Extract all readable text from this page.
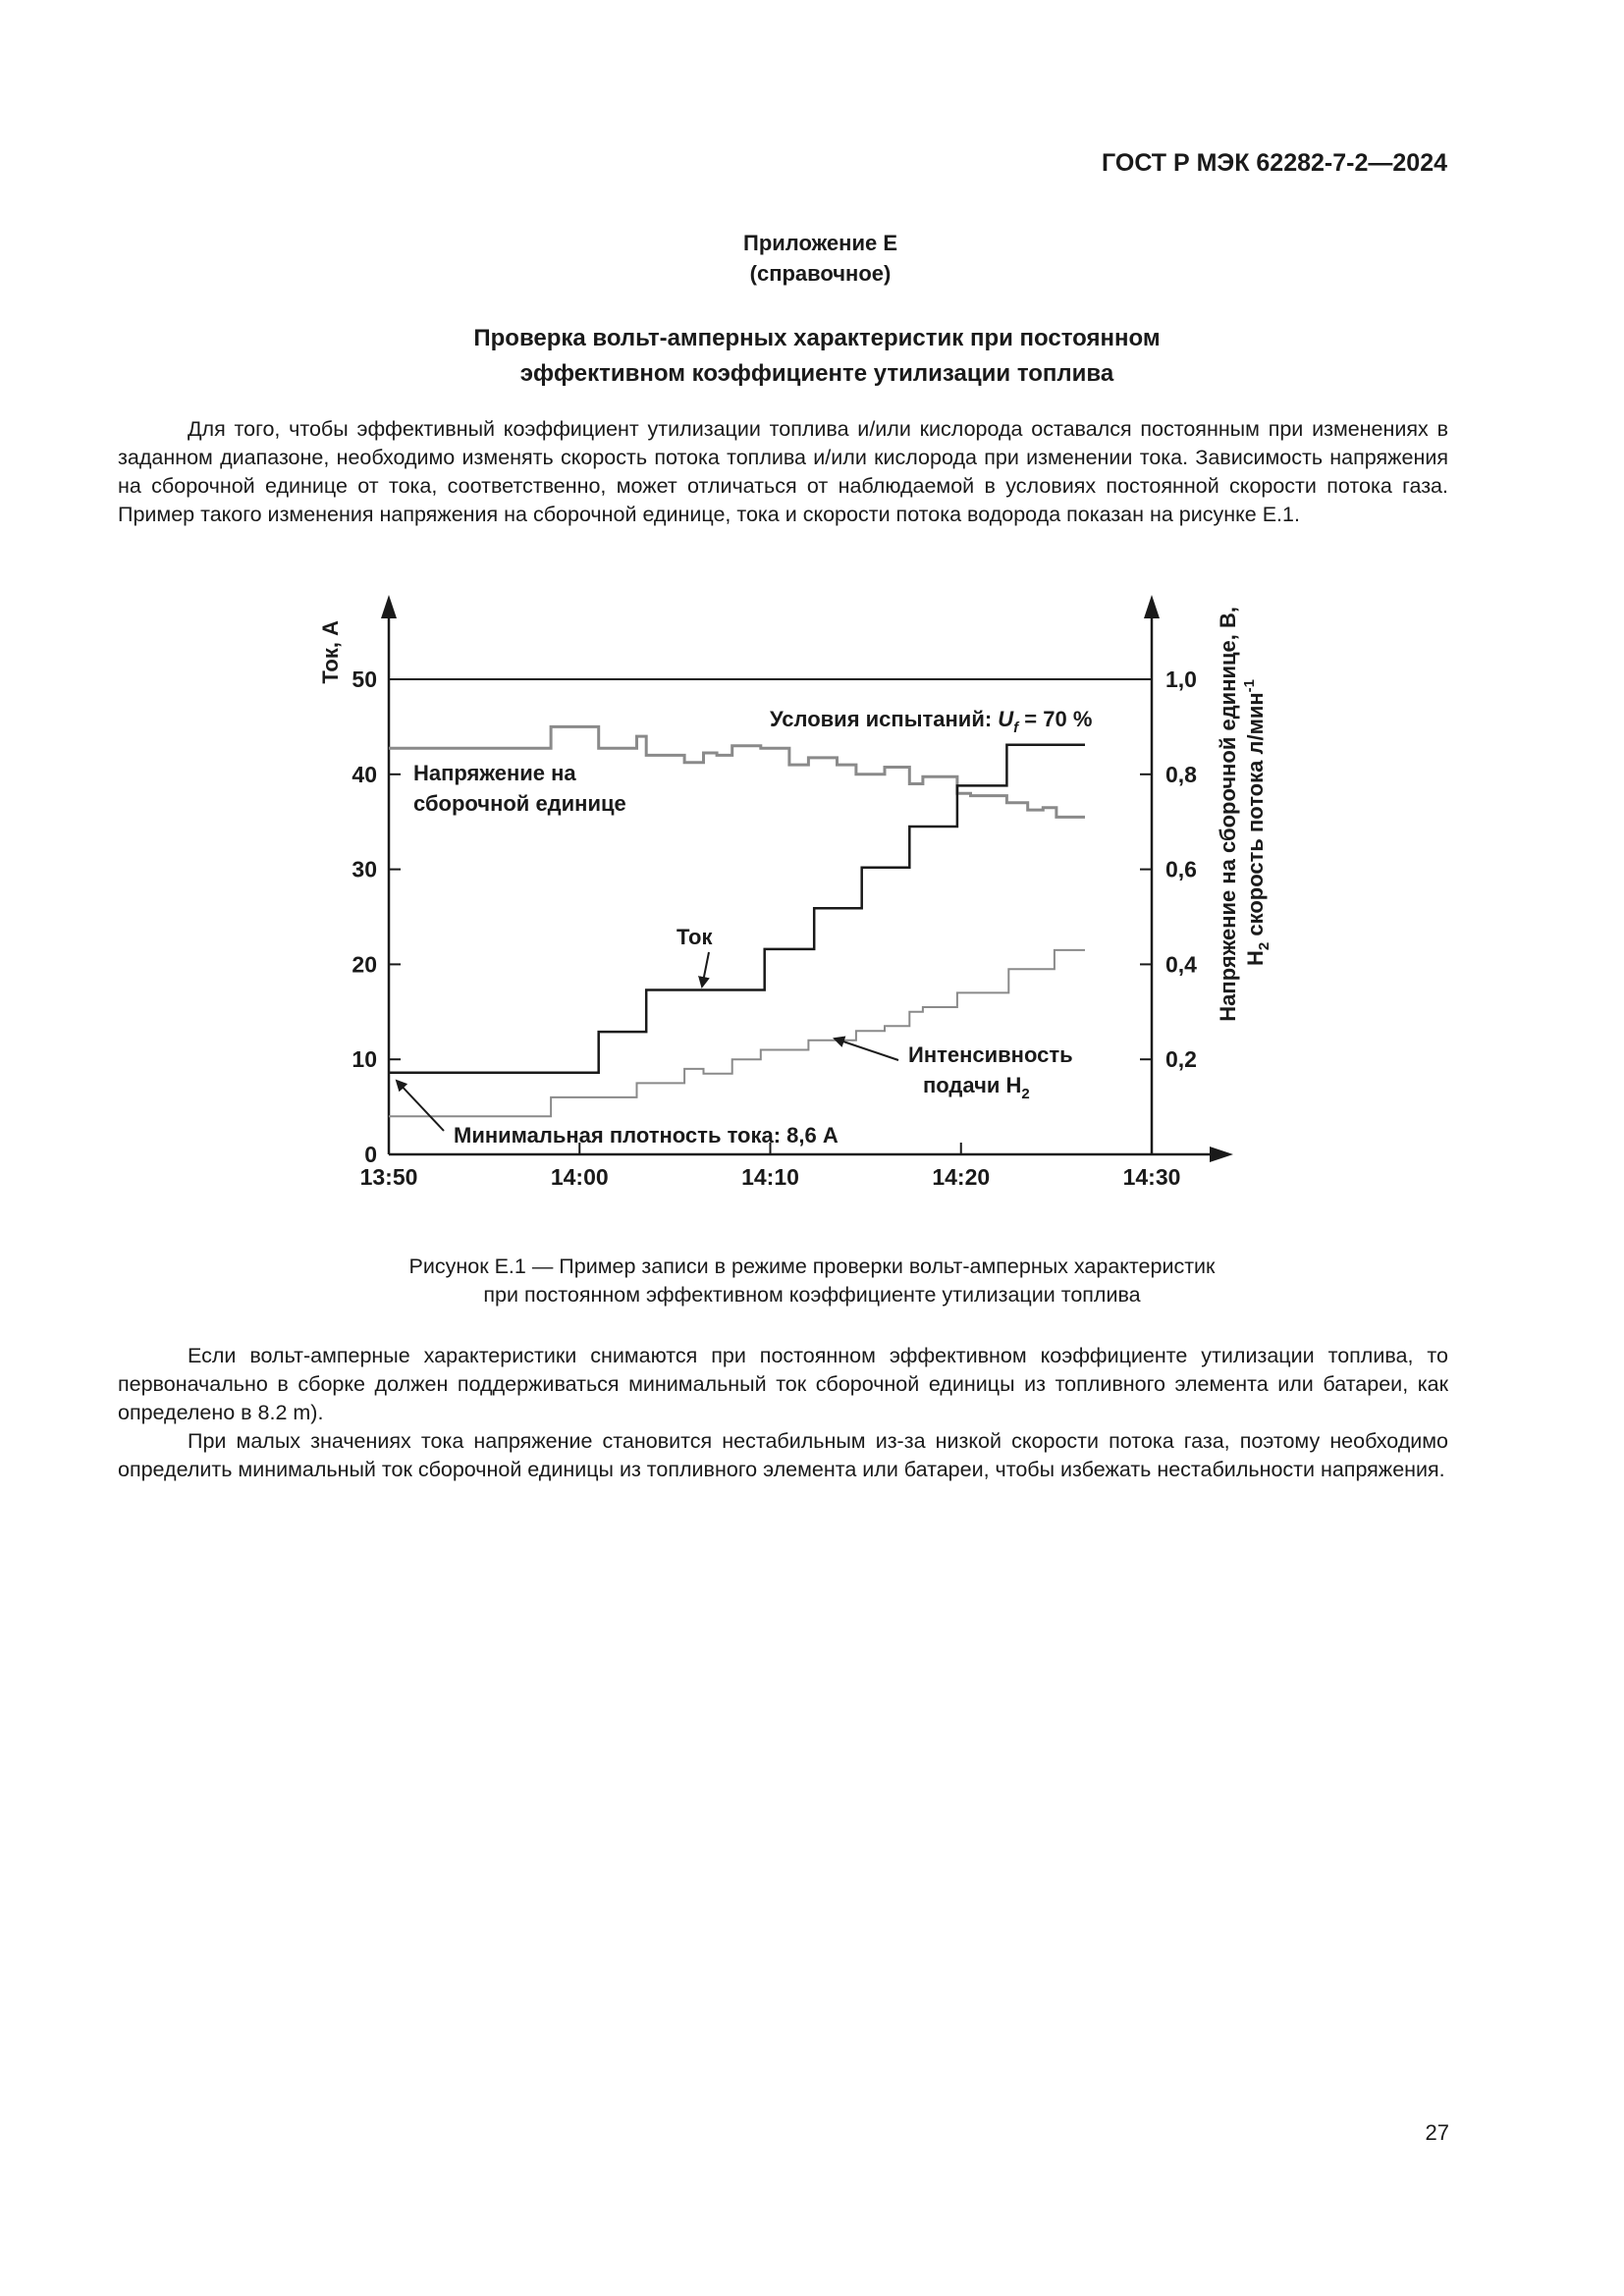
ГОСТ Р МЭК 62282-7-2—2024
Приложение Е
(справочное)
Проверка вольт-амперных характеристик при постоянном
эффективном коэффициенте утилизации топлива

Для того, чтобы эффективный коэффициент утилизации топлива и/или кислорода оставался постоянным при изменениях в заданном диапазоне, необходимо изменять скорость потока топлива и/или кислорода при изменении тока. Зависимость напряжения на сборочной единице от тока, соответственно, может отличаться от наблюдаемой в условиях постоянной скорости потока газа. Пример такого изменения напряжения на сборочной единице, тока и скорости потока водорода показан на рисунке Е.1.

13:50	14:00	14:10	14:20	14:30
0
10
20
30
40
50
0,2
0,4
0,6
0,8
1,0
Ток, А	Напряжение на сборочной единице, В, $H_2$ скорость потока л/мин$^{-1}$
Условия испытаний: $U_f = 70$ %
Напряжение на
сборочной единице
Ток
Интенсивность
подачи $H_2$
Минимальная плотность тока: 8,6 А
Рисунок Е.1 — Пример записи в режиме проверки вольт-амперных характеристик
при постоянном эффективном коэффициенте утилизации топлива

Если вольт-амперные характеристики снимаются при постоянном эффективном коэффициенте утилизации топлива, то первоначально в сборке должен поддерживаться минимальный ток сборочной единицы из топливного элемента или батареи, как определено в 8.2 m).

При малых значениях тока напряжение становится нестабильным из-за низкой скорости потока газа, поэтому необходимо определить минимальный ток сборочной единицы из топливного элемента или батареи, чтобы избежать нестабильности напряжения.

27
